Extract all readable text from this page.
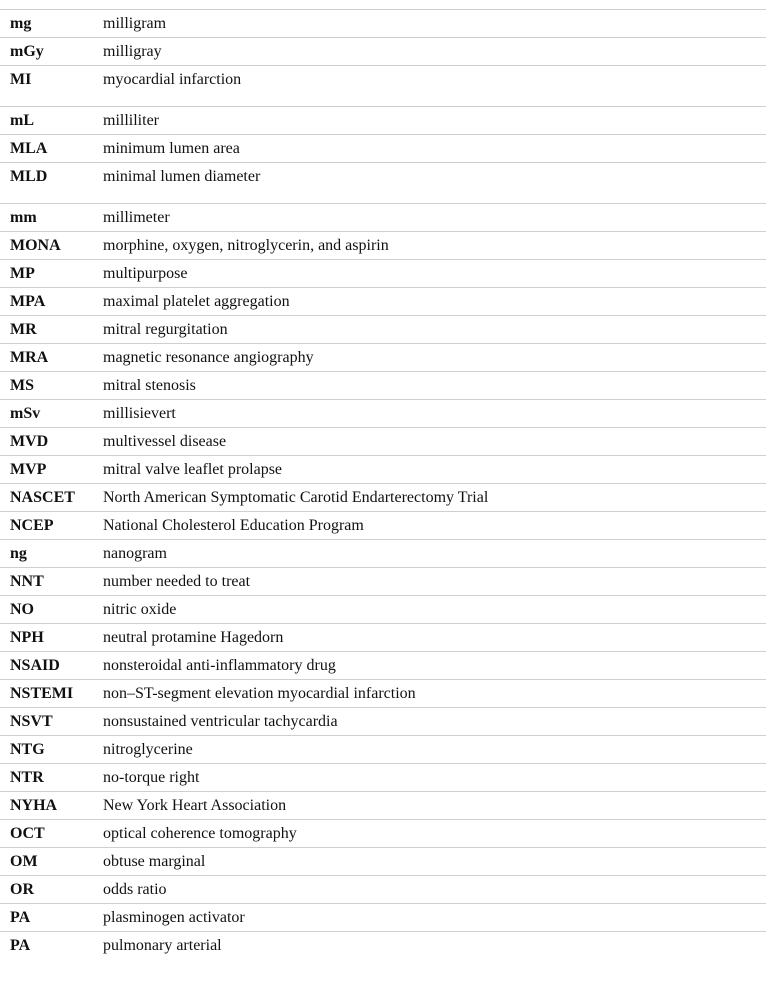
mg	milligram
mGy	milligray
MI	myocardial infarction
mL	milliliter
MLA	minimum lumen area
MLD	minimal lumen diameter
mm	millimeter
MONA	morphine, oxygen, nitroglycerin, and aspirin
MP	multipurpose
MPA	maximal platelet aggregation
MR	mitral regurgitation
MRA	magnetic resonance angiography
MS	mitral stenosis
mSv	millisievert
MVD	multivessel disease
MVP	mitral valve leaflet prolapse
NASCET	North American Symptomatic Carotid Endarterectomy Trial
NCEP	National Cholesterol Education Program
ng	nanogram
NNT	number needed to treat
NO	nitric oxide
NPH	neutral protamine Hagedorn
NSAID	nonsteroidal anti-inflammatory drug
NSTEMI	non–ST-segment elevation myocardial infarction
NSVT	nonsustained ventricular tachycardia
NTG	nitroglycerine
NTR	no-torque right
NYHA	New York Heart Association
OCT	optical coherence tomography
OM	obtuse marginal
OR	odds ratio
PA	plasminogen activator
PA	pulmonary arterial
